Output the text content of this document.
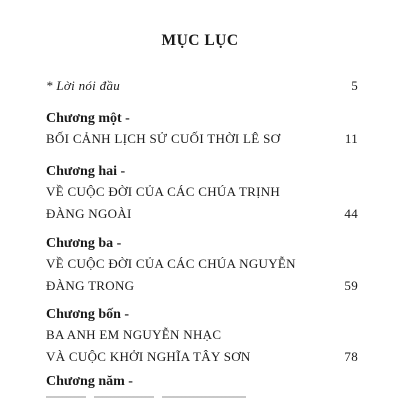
MỤC LỤC
* Lời nói đầu	5
Chương một -
BỐI CẢNH LỊCH SỬ CUỐI THỜI LÊ SƠ	11
Chương hai -
VỀ CUỘC ĐỜI CỦA CÁC CHÚA TRỊNH
ĐÀNG NGOÀI	44
Chương ba -
VỀ CUỘC ĐỜI CỦA CÁC CHÚA NGUYỄN
ĐÀNG TRONG	59
Chương bốn -
BA ANH EM NGUYỄN NHẠC
VÀ CUỘC KHỞI NGHĨA TÂY SƠN	78
Chương năm -
